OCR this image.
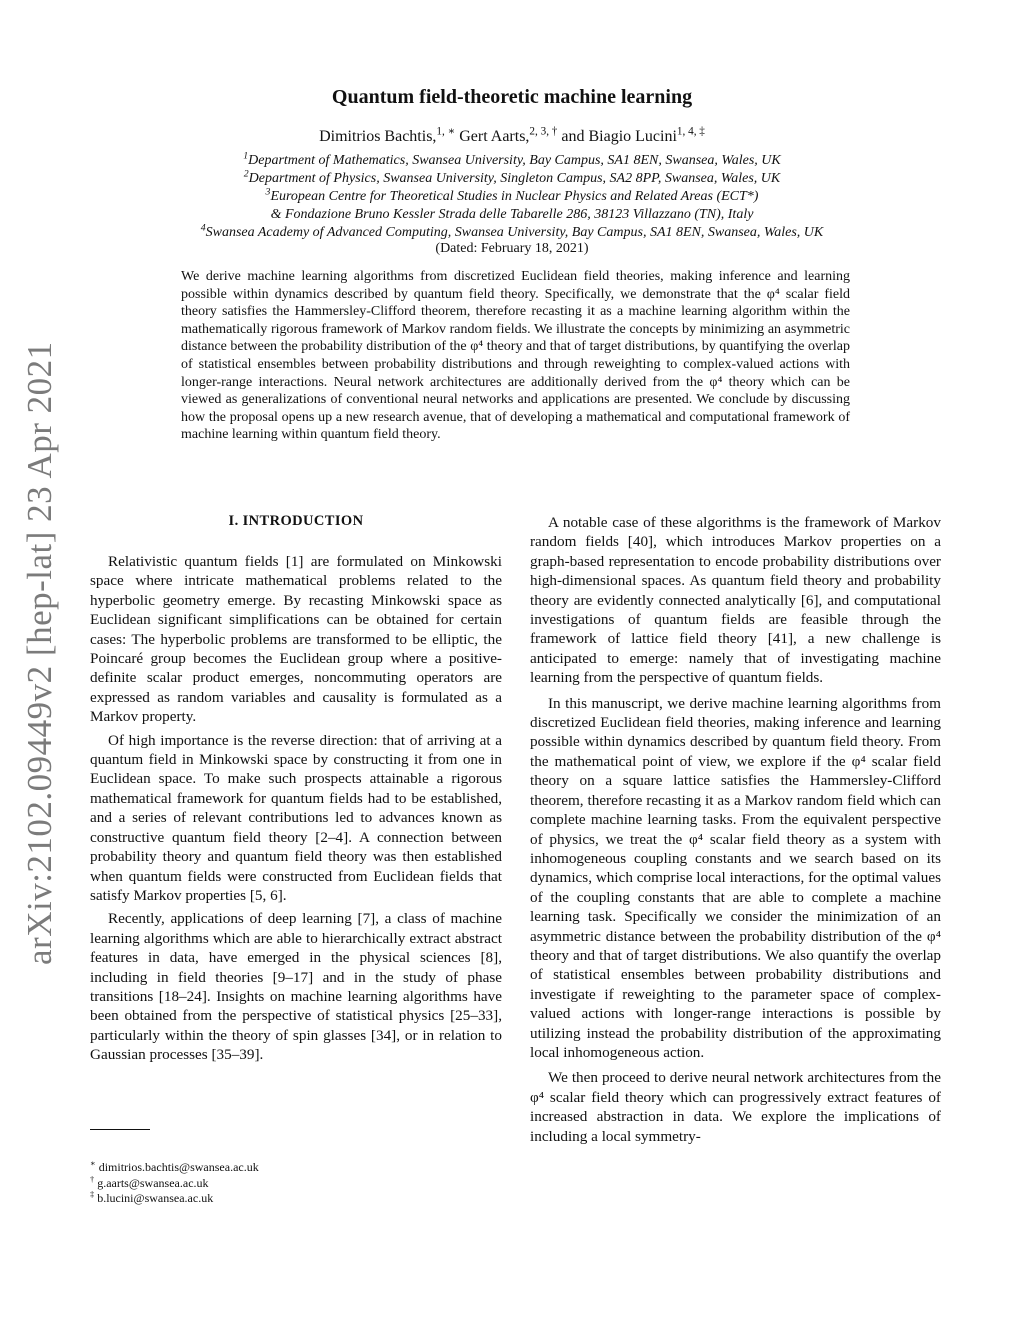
arXiv:2102.09449v2 [hep-lat] 23 Apr 2021
Quantum field-theoretic machine learning
Dimitrios Bachtis,$^{1, ∗}$ Gert Aarts,$^{2, 3, \dagger}$ and Biagio Lucini$^{1, 4, \ddagger}$
$^1$Department of Mathematics, Swansea University, Bay Campus, SA1 8EN, Swansea, Wales, UK
$^2$Department of Physics, Swansea University, Singleton Campus, SA2 8PP, Swansea, Wales, UK
$^3$European Centre for Theoretical Studies in Nuclear Physics and Related Areas (ECT*)
& Fondazione Bruno Kessler Strada delle Tabarelle 286, 38123 Villazzano (TN), Italy
$^4$Swansea Academy of Advanced Computing, Swansea University, Bay Campus, SA1 8EN, Swansea, Wales, UK
(Dated: February 18, 2021)
We derive machine learning algorithms from discretized Euclidean field theories, making inference and learning possible within dynamics described by quantum field theory. Specifically, we demonstrate that the φ⁴ scalar field theory satisfies the Hammersley-Clifford theorem, therefore recasting it as a machine learning algorithm within the mathematically rigorous framework of Markov random fields. We illustrate the concepts by minimizing an asymmetric distance between the probability distribution of the φ⁴ theory and that of target distributions, by quantifying the overlap of statistical ensembles between probability distributions and through reweighting to complex-valued actions with longer-range interactions. Neural network architectures are additionally derived from the φ⁴ theory which can be viewed as generalizations of conventional neural networks and applications are presented. We conclude by discussing how the proposal opens up a new research avenue, that of developing a mathematical and computational framework of machine learning within quantum field theory.
I. INTRODUCTION

Relativistic quantum fields [1] are formulated on Minkowski space where intricate mathematical problems related to the hyperbolic geometry emerge. By recasting Minkowski space as Euclidean significant simplifications can be obtained for certain cases: The hyperbolic problems are transformed to be elliptic, the Poincaré group becomes the Euclidean group where a positive-definite scalar product emerges, noncommuting operators are expressed as random variables and causality is formulated as a Markov property.

Of high importance is the reverse direction: that of arriving at a quantum field in Minkowski space by constructing it from one in Euclidean space. To make such prospects attainable a rigorous mathematical framework for quantum fields had to be established, and a series of relevant contributions led to advances known as constructive quantum field theory [2–4]. A connection between probability theory and quantum field theory was then established when quantum fields were constructed from Euclidean fields that satisfy Markov properties [5, 6].

Recently, applications of deep learning [7], a class of machine learning algorithms which are able to hierarchically extract abstract features in data, have emerged in the physical sciences [8], including in field theories [9–17] and in the study of phase transitions [18–24]. Insights on machine learning algorithms have been obtained from the perspective of statistical physics [25–33], particularly within the theory of spin glasses [34], or in relation to Gaussian processes [35–39].

∗ dimitrios.bachtis@swansea.ac.uk
† g.aarts@swansea.ac.uk
‡ b.lucini@swansea.ac.uk

A notable case of these algorithms is the framework of Markov random fields [40], which introduces Markov properties on a graph-based representation to encode probability distributions over high-dimensional spaces. As quantum field theory and probability theory are evidently connected analytically [6], and computational investigations of quantum fields are feasible through the framework of lattice field theory [41], a new challenge is anticipated to emerge: namely that of investigating machine learning from the perspective of quantum fields.

In this manuscript, we derive machine learning algorithms from discretized Euclidean field theories, making inference and learning possible within dynamics described by quantum field theory. From the mathematical point of view, we explore if the φ⁴ scalar field theory on a square lattice satisfies the Hammersley-Clifford theorem, therefore recasting it as a Markov random field which can complete machine learning tasks. From the equivalent perspective of physics, we treat the φ⁴ scalar field theory as a system with inhomogeneous coupling constants and we search based on its dynamics, which comprise local interactions, for the optimal values of the coupling constants that are able to complete a machine learning task. Specifically we consider the minimization of an asymmetric distance between the probability distribution of the φ⁴ theory and that of target distributions. We also quantify the overlap of statistical ensembles between probability distributions and investigate if reweighting to the parameter space of complex-valued actions with longer-range interactions is possible by utilizing instead the probability distribution of the approximating local inhomogeneous action.

We then proceed to derive neural network architectures from the φ⁴ scalar field theory which can progressively extract features of increased abstraction in data. We explore the implications of including a local symmetry-
